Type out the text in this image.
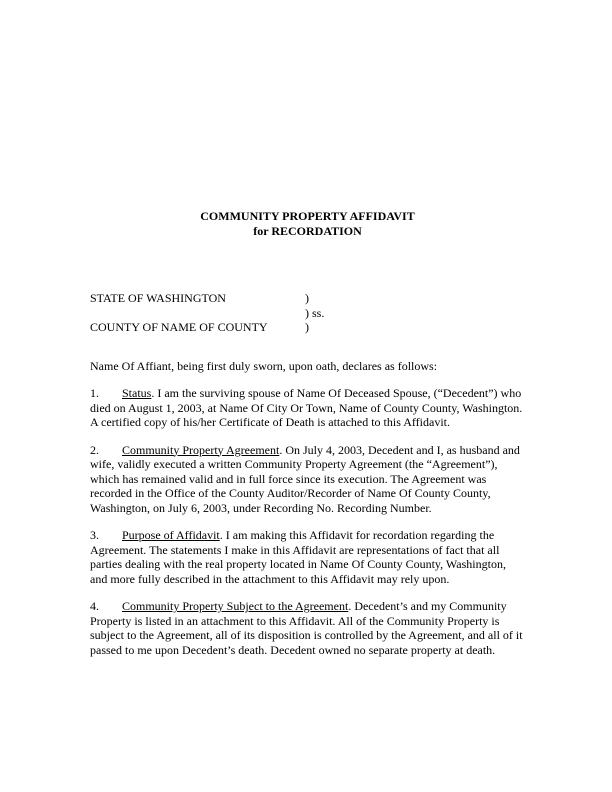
COMMUNITY PROPERTY AFFIDAVIT
for RECORDATION
STATE OF WASHINGTON	)
) ss.
COUNTY OF NAME OF COUNTY	)
Name Of Affiant, being first duly sworn, upon oath, declares as follows:
1. Status. I am the surviving spouse of Name Of Deceased Spouse, (“Decedent”) who died on August 1, 2003, at Name Of City Or Town, Name of County County, Washington. A certified copy of his/her Certificate of Death is attached to this Affidavit.
2. Community Property Agreement. On July 4, 2003, Decedent and I, as husband and wife, validly executed a written Community Property Agreement (the “Agreement”), which has remained valid and in full force since its execution. The Agreement was recorded in the Office of the County Auditor/Recorder of Name Of County County, Washington, on July 6, 2003, under Recording No. Recording Number.
3. Purpose of Affidavit. I am making this Affidavit for recordation regarding the Agreement. The statements I make in this Affidavit are representations of fact that all parties dealing with the real property located in Name Of County County, Washington, and more fully described in the attachment to this Affidavit may rely upon.
4. Community Property Subject to the Agreement. Decedent’s and my Community Property is listed in an attachment to this Affidavit. All of the Community Property is subject to the Agreement, all of its disposition is controlled by the Agreement, and all of it passed to me upon Decedent’s death. Decedent owned no separate property at death.
